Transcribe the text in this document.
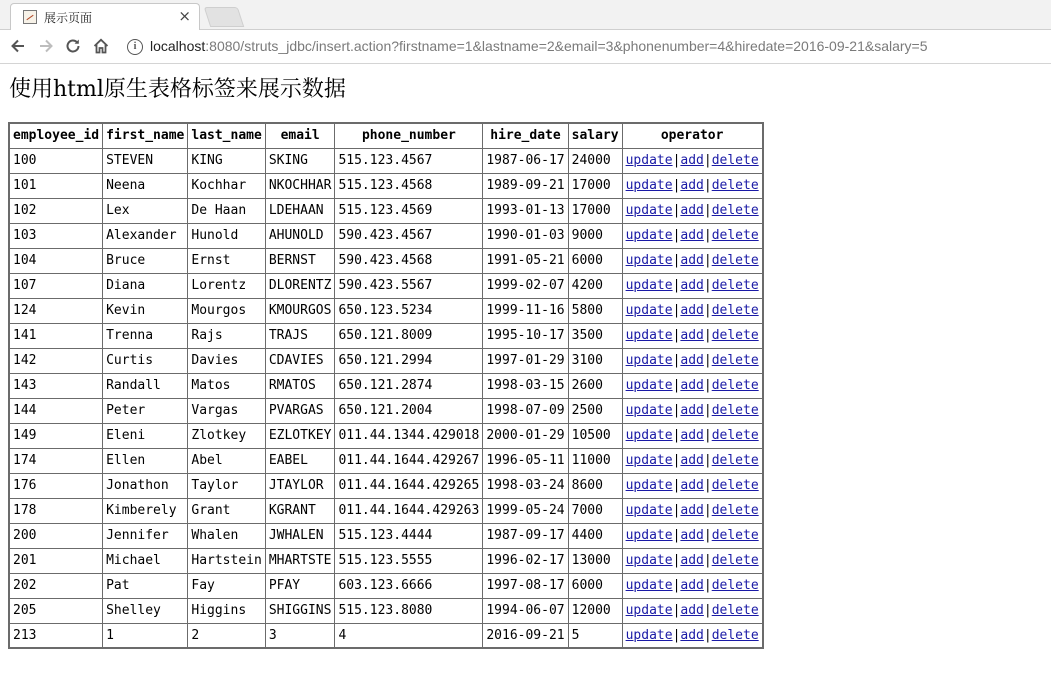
展示页面	×
i localhost:8080/struts_jdbc/insert.action?firstname=1&lastname=2&email=3&phonenumber=4&hiredate=2016-09-21&salary=5
使用html原生表格标签来展示数据
employee_id	first_name	last_name	email	phone_number	hire_date	salary	operator
100	STEVEN	KING	SKING	515.123.4567	1987-06-17	24000	update|add|delete
101	Neena	Kochhar	NKOCHHAR	515.123.4568	1989-09-21	17000	update|add|delete
102	Lex	De Haan	LDEHAAN	515.123.4569	1993-01-13	17000	update|add|delete
103	Alexander	Hunold	AHUNOLD	590.423.4567	1990-01-03	9000	update|add|delete
104	Bruce	Ernst	BERNST	590.423.4568	1991-05-21	6000	update|add|delete
107	Diana	Lorentz	DLORENTZ	590.423.5567	1999-02-07	4200	update|add|delete
124	Kevin	Mourgos	KMOURGOS	650.123.5234	1999-11-16	5800	update|add|delete
141	Trenna	Rajs	TRAJS	650.121.8009	1995-10-17	3500	update|add|delete
142	Curtis	Davies	CDAVIES	650.121.2994	1997-01-29	3100	update|add|delete
143	Randall	Matos	RMATOS	650.121.2874	1998-03-15	2600	update|add|delete
144	Peter	Vargas	PVARGAS	650.121.2004	1998-07-09	2500	update|add|delete
149	Eleni	Zlotkey	EZLOTKEY	011.44.1344.429018	2000-01-29	10500	update|add|delete
174	Ellen	Abel	EABEL	011.44.1644.429267	1996-05-11	11000	update|add|delete
176	Jonathon	Taylor	JTAYLOR	011.44.1644.429265	1998-03-24	8600	update|add|delete
178	Kimberely	Grant	KGRANT	011.44.1644.429263	1999-05-24	7000	update|add|delete
200	Jennifer	Whalen	JWHALEN	515.123.4444	1987-09-17	4400	update|add|delete
201	Michael	Hartstein	MHARTSTE	515.123.5555	1996-02-17	13000	update|add|delete
202	Pat	Fay	PFAY	603.123.6666	1997-08-17	6000	update|add|delete
205	Shelley	Higgins	SHIGGINS	515.123.8080	1994-06-07	12000	update|add|delete
213	1	2	3	4	2016-09-21	5	update|add|delete
